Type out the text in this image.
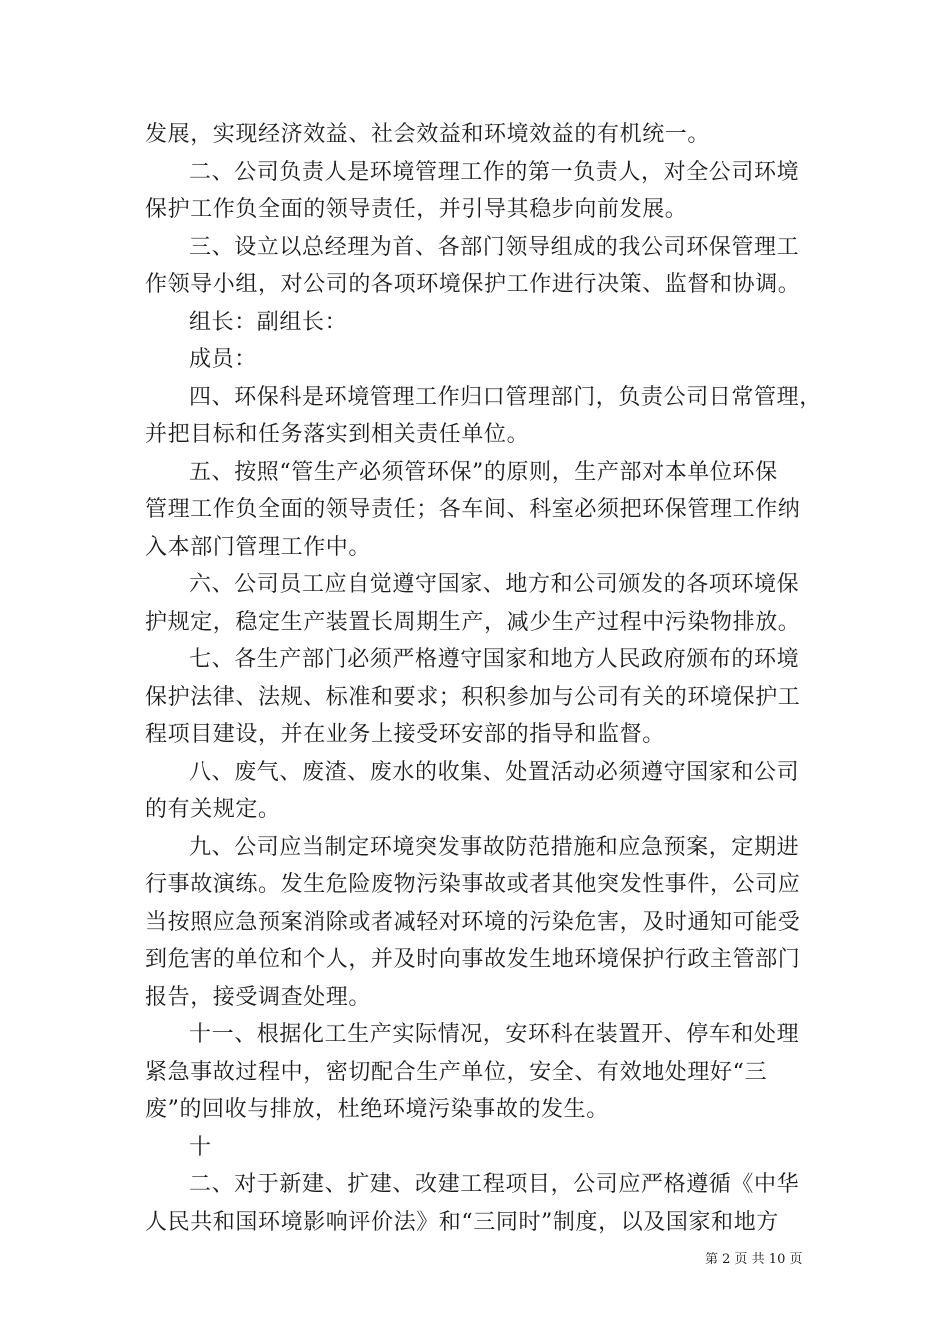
发展，实现经济效益、社会效益和环境效益的有机统一。
二、公司负责人是环境管理工作的第一负责人，对全公司环境
保护工作负全面的领导责任，并引导其稳步向前发展。
三、设立以总经理为首、各部门领导组成的我公司环保管理工
作领导小组，对公司的各项环境保护工作进行决策、监督和协调。
组长：副组长：
成员：
四、环保科是环境管理工作归口管理部门，负责公司日常管理，
并把目标和任务落实到相关责任单位。
五、按照“管生产必须管环保”的原则，生产部对本单位环保
管理工作负全面的领导责任；各车间、科室必须把环保管理工作纳
入本部门管理工作中。
六、公司员工应自觉遵守国家、地方和公司颁发的各项环境保
护规定，稳定生产装置长周期生产，减少生产过程中污染物排放。
七、各生产部门必须严格遵守国家和地方人民政府颁布的环境
保护法律、法规、标准和要求；积积参加与公司有关的环境保护工
程项目建设，并在业务上接受环安部的指导和监督。
八、废气、废渣、废水的收集、处置活动必须遵守国家和公司
的有关规定。
九、公司应当制定环境突发事故防范措施和应急预案，定期进
行事故演练。发生危险废物污染事故或者其他突发性事件，公司应
当按照应急预案消除或者减轻对环境的污染危害，及时通知可能受
到危害的单位和个人，并及时向事故发生地环境保护行政主管部门
报告，接受调查处理。
十一、根据化工生产实际情况，安环科在装置开、停车和处理
紧急事故过程中，密切配合生产单位，安全、有效地处理好“三
废”的回收与排放，杜绝环境污染事故的发生。
十
二、对于新建、扩建、改建工程项目，公司应严格遵循《中华
人民共和国环境影响评价法》和“三同时”制度，以及国家和地方
第 2 页 共 10 页
